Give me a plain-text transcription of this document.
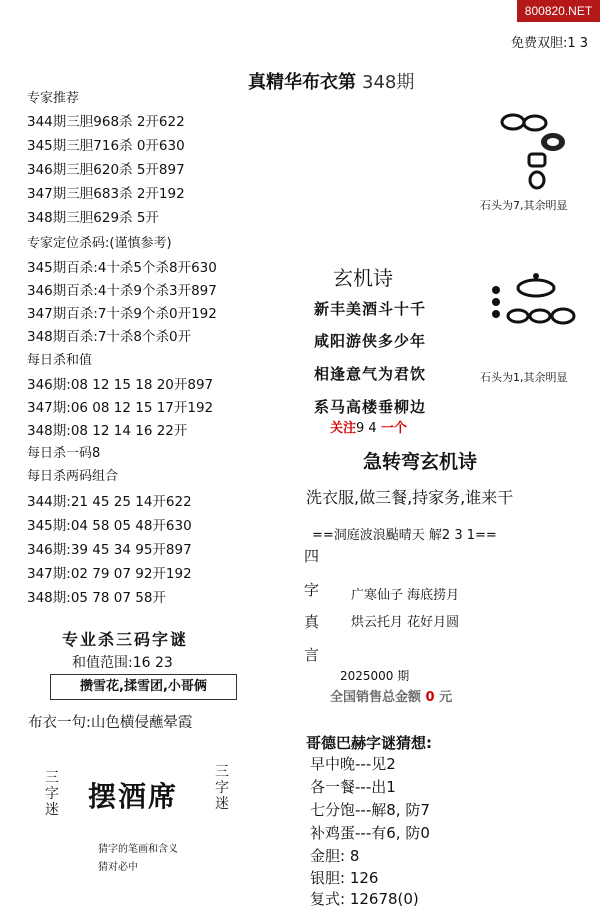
800820.NET
免费双胆:1 3
真精华布衣第 348期
专家推荐
344期三胆968杀 2开622
345期三胆716杀 0开630
346期三胆620杀 5开897
347期三胆683杀 2开192
348期三胆629杀 5开
专家定位杀码:(谨慎参考)
345期百杀:4十杀5个杀8开630
346期百杀:4十杀9个杀3开897
347期百杀:7十杀9个杀0开192
348期百杀:7十杀8个杀0开
每日杀和值
346期:08 12 15 18 20开897
347期:06 08 12 15 17开192
348期:08 12 14 16 22开
每日杀一码8
每日杀两码组合
344期:21 45 25 14开622
345期:04 58 05 48开630
346期:39 45 34 95开897
347期:02 79 07 92开192
348期:05 78 07 58开
专业杀三码字谜
和值范围:16 23
攒雪花,揉雪团,小哥俩
布衣一句:山色横侵蘸晕霞
三
字
迷 摆酒席
三
字
迷
猜字的笔画和含义
猜对必中
石头为7,其余明显
石头为1,其余明显
玄机诗
新丰美酒斗十千
咸阳游侠多少年
相逢意气为君饮
系马高楼垂柳边
关注9 4 一个
急转弯玄机诗
洗衣服,做三餐,持家务,谁来干
==洞庭波浪颭晴天 解2 3 1==
四
字
真
言
广寒仙子 海底捞月
烘云托月 花好月圆
2025000 期
全国销售总金额 0 元
哥德巴赫字谜猜想:
早中晚---见2
各一餐---出1
七分饱---解8, 防7
补鸡蛋---有6, 防0
金胆: 8
银胆: 126
复式: 12678(0)
